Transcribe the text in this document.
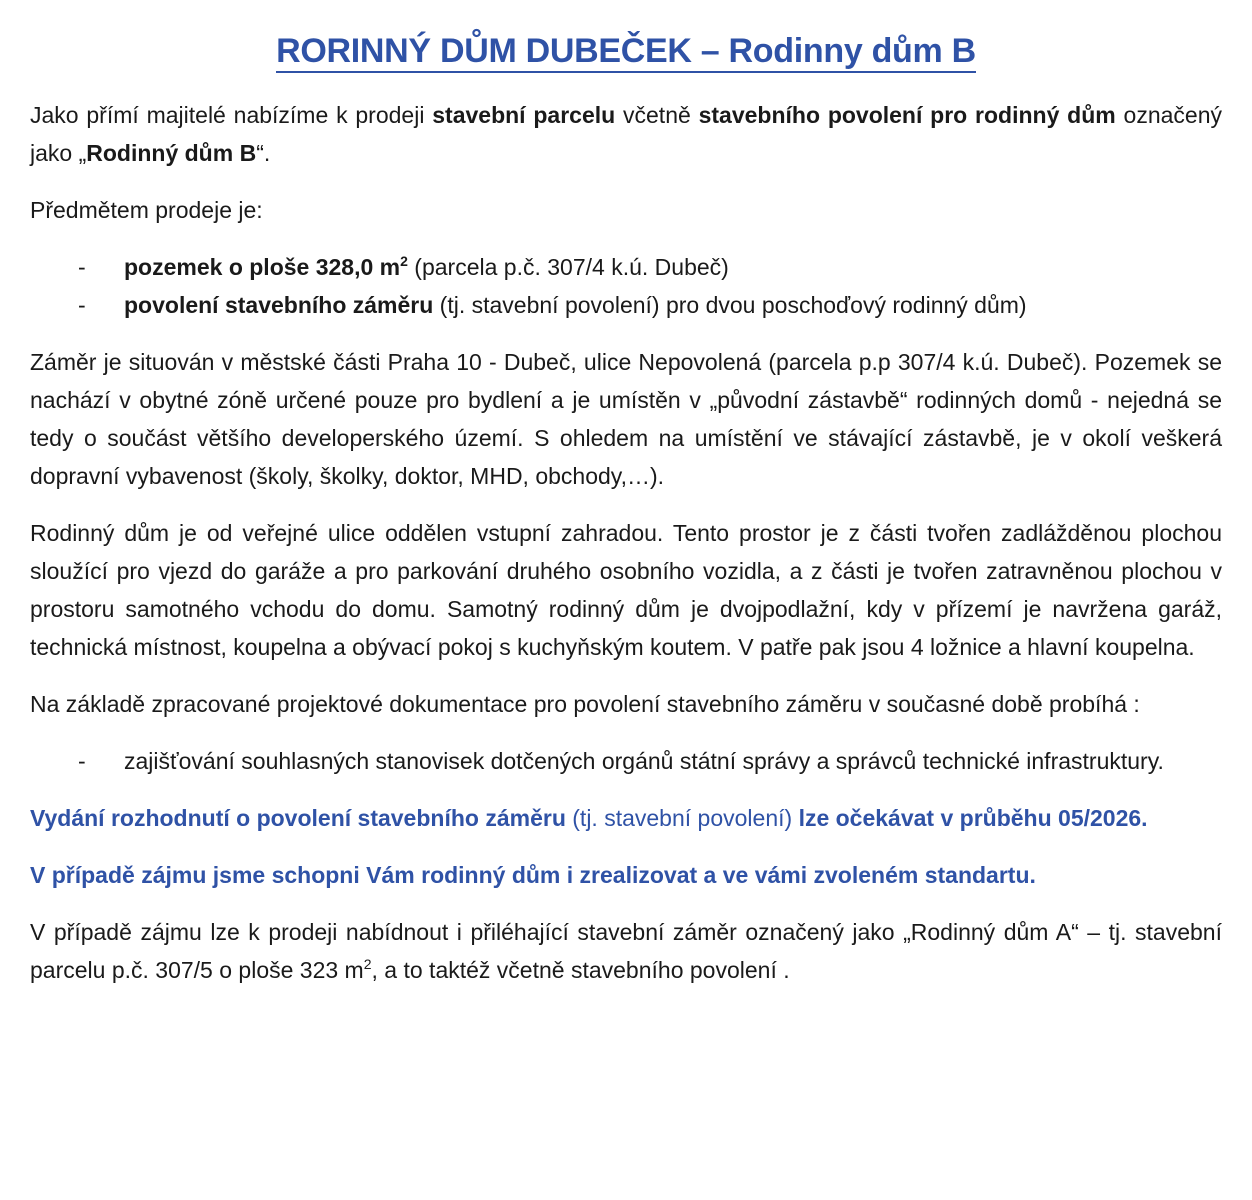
RORINNÝ DŮM DUBEČEK – Rodinny dům B

Jako přímí majitelé nabízíme k prodeji stavební parcelu včetně stavebního povolení pro rodinný dům označený jako „Rodinný dům B“.

Předmětem prodeje je:

- pozemek o ploše 328,0 $m^2$ (parcela p.č. 307/4 k.ú. Dubeč)
- povolení stavebního záměru (tj. stavební povolení) pro dvou poschoďový rodinný dům)

Záměr je situován v městské části Praha 10 - Dubeč, ulice Nepovolená (parcela p.p 307/4 k.ú. Dubeč). Pozemek se nachází v obytné zóně určené pouze pro bydlení a je umístěn v „původní zástavbě“ rodinných domů - nejedná se tedy o součást většího developerského území. S ohledem na umístění ve stávající zástavbě, je v okolí veškerá dopravní vybavenost (školy, školky, doktor, MHD, obchody,…).

Rodinný dům je od veřejné ulice oddělen vstupní zahradou. Tento prostor je z části tvořen zadlážděnou plochou sloužící pro vjezd do garáže a pro parkování druhého osobního vozidla, a z části je tvořen zatravněnou plochou v prostoru samotného vchodu do domu. Samotný rodinný dům je dvojpodlažní, kdy v přízemí je navržena garáž, technická místnost, koupelna a obývací pokoj s kuchyňským koutem. V patře pak jsou 4 ložnice a hlavní koupelna.

Na základě zpracované projektové dokumentace pro povolení stavebního záměru v současné době probíhá :

- zajišťování souhlasných stanovisek dotčených orgánů státní správy a správců technické infrastruktury.

Vydání rozhodnutí o povolení stavebního záměru (tj. stavební povolení) lze očekávat v průběhu 05/2026.

V případě zájmu jsme schopni Vám rodinný dům i zrealizovat a ve vámi zvoleném standartu.

V případě zájmu lze k prodeji nabídnout i přiléhající stavební záměr označený jako „Rodinný dům A“ – tj. stavební parcelu p.č. 307/5 o ploše 323 $m^2$, a to taktéž včetně stavebního povolení .
